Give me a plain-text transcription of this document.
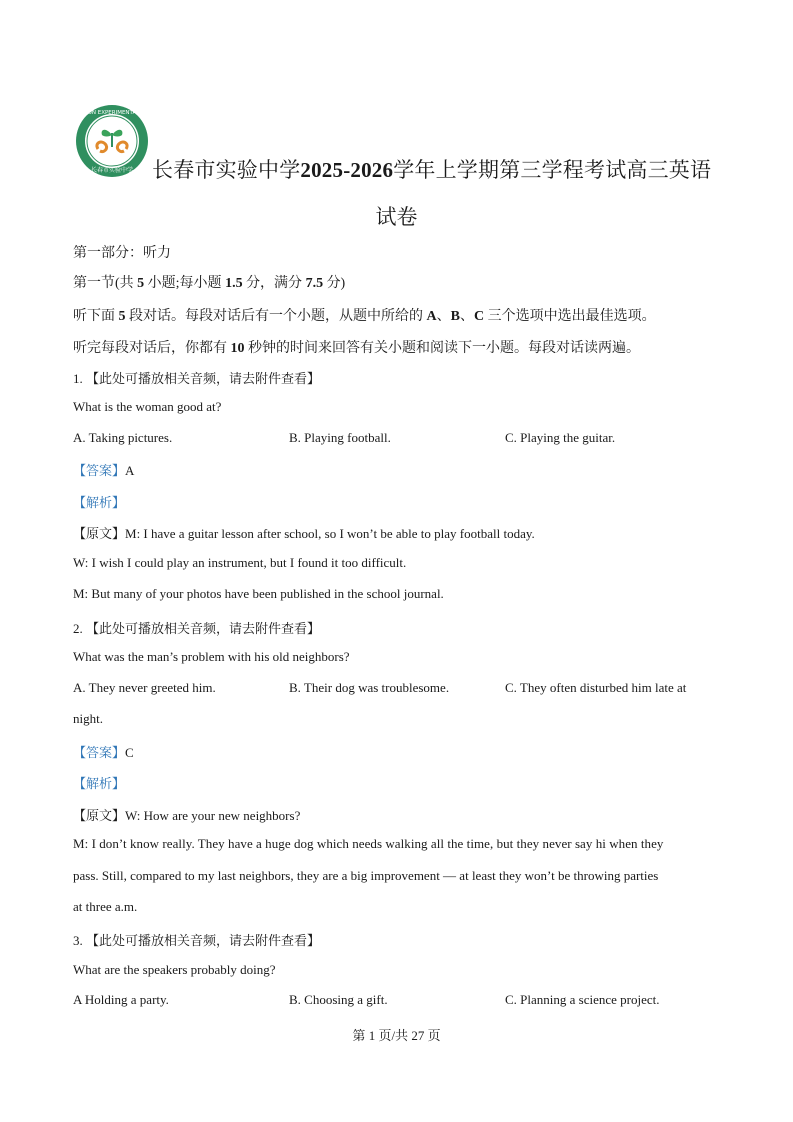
CHANGCHUN EXPERIMENTAL SCHOOL
长春市实验中学 长春市实验中学2025-2026学年上学期第三学程考试高三英语
试卷
第一部分：听力
第一节(共 5 小题;每小题 1.5 分，满分 7.5 分)
听下面 5 段对话。每段对话后有一个小题，从题中所给的 A、B、C 三个选项中选出最佳选项。
听完每段对话后，你都有 10 秒钟的时间来回答有关小题和阅读下一小题。每段对话读两遍。
1. 【此处可播放相关音频，请去附件查看】
What is the woman good at?
A. Taking pictures.	B. Playing football.	C. Playing the guitar.
【答案】A
【解析】
【原文】M: I have a guitar lesson after school, so I won’t be able to play football today.
W: I wish I could play an instrument, but I found it too difficult.
M: But many of your photos have been published in the school journal.
2. 【此处可播放相关音频，请去附件查看】
What was the man’s problem with his old neighbors?
A. They never greeted him.	B. Their dog was troublesome.	C. They often disturbed him late at
night.
【答案】C
【解析】
【原文】W: How are your new neighbors?
M: I don’t know really. They have a huge dog which needs walking all the time, but they never say hi when they
pass. Still, compared to my last neighbors, they are a big improvement — at least they won’t be throwing parties
at three a.m.
3. 【此处可播放相关音频，请去附件查看】
What are the speakers probably doing?
A Holding a party.	B. Choosing a gift.	C. Planning a science project.
第 1 页/共 27 页
